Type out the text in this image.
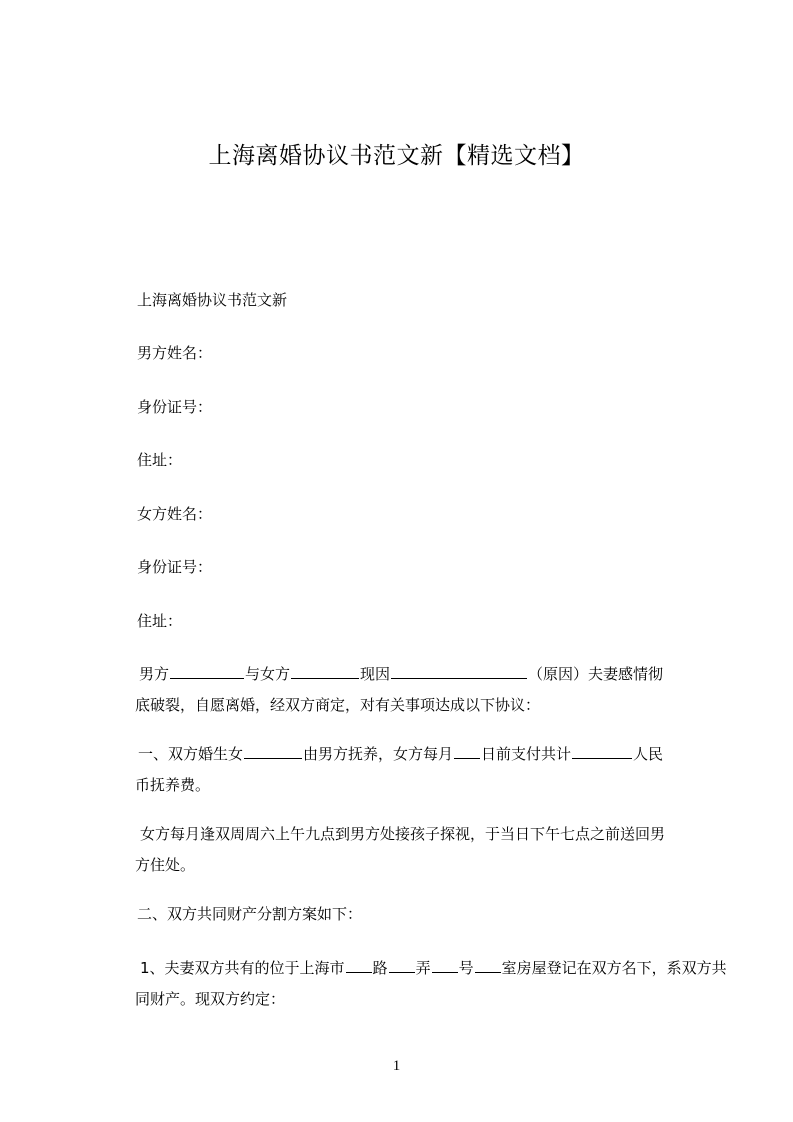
上海离婚协议书范文新【精选文档】
上海离婚协议书范文新
男方姓名：
身份证号：
住址：
女方姓名：
身份证号：
住址：
男方	与女方	现因	（原因）夫妻感情彻
底破裂，自愿离婚，经双方商定，对有关事项达成以下协议：
一、双方婚生女	由男方抚养，女方每月 日前支付共计	人民
币抚养费。
女方每月逢双周周六上午九点到男方处接孩子探视，于当日下午七点之前送回男
方住处。
二、双方共同财产分割方案如下：
1、夫妻双方共有的位于上海市 路 弄 号 室房屋登记在双方名下，系双方共
同财产。现双方约定：
1
